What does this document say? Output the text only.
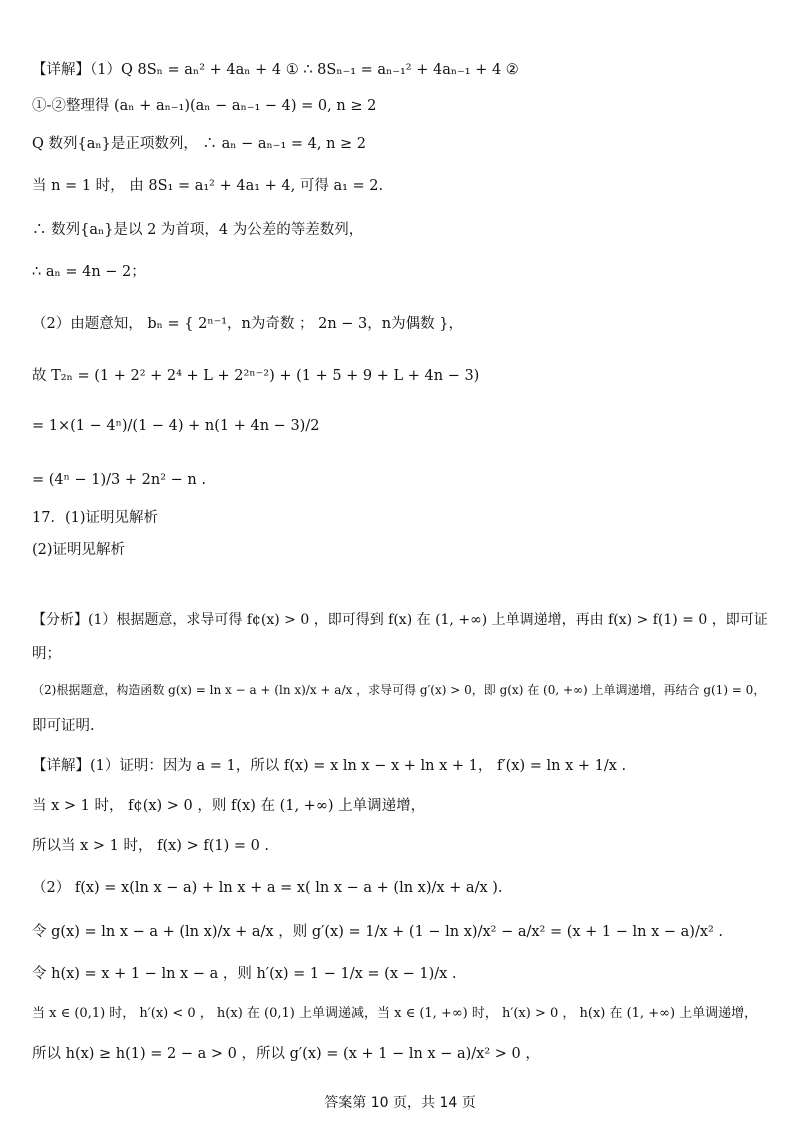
【详解】（1）Q 8Sₙ = aₙ² + 4aₙ + 4 ① ∴ 8Sₙ₋₁ = aₙ₋₁² + 4aₙ₋₁ + 4 ②
①-②整理得 (aₙ + aₙ₋₁)(aₙ − aₙ₋₁ − 4) = 0, n ≥ 2
Q 数列{aₙ}是正项数列， ∴ aₙ − aₙ₋₁ = 4, n ≥ 2
当 n = 1 时， 由 8S₁ = a₁² + 4a₁ + 4, 可得 a₁ = 2.
∴ 数列{aₙ}是以 2 为首项，4 为公差的等差数列，
∴ aₙ = 4n − 2；
（2）由题意知， bₙ = { 2ⁿ⁻¹，n为奇数 ； 2n − 3，n为偶数 }，
故 T₂ₙ = (1 + 2² + 2⁴ + L + 2²ⁿ⁻²) + (1 + 5 + 9 + L + 4n − 3)
= 1×(1 − 4ⁿ)/(1 − 4) + n(1 + 4n − 3)/2
= (4ⁿ − 1)/3 + 2n² − n .
17．(1)证明见解析
(2)证明见解析
【分析】(1）根据题意，求导可得 f¢(x) > 0 ，即可得到 f(x) 在 (1, +∞) 上单调递增，再由 f(x) > f(1) = 0 ，即可证
明；
（2)根据题意，构造函数 g(x) = ln x − a + (ln x)/x + a/x ，求导可得 g′(x) > 0，即 g(x) 在 (0, +∞) 上单调递增，再结合 g(1) = 0，
即可证明.
【详解】(1）证明：因为 a = 1，所以 f(x) = x ln x − x + ln x + 1， f′(x) = ln x + 1/x .
当 x > 1 时， f¢(x) > 0 ，则 f(x) 在 (1, +∞) 上单调递增，
所以当 x > 1 时， f(x) > f(1) = 0 .
（2） f(x) = x(ln x − a) + ln x + a = x( ln x − a + (ln x)/x + a/x ).
令 g(x) = ln x − a + (ln x)/x + a/x ，则 g′(x) = 1/x + (1 − ln x)/x² − a/x² = (x + 1 − ln x − a)/x² .
令 h(x) = x + 1 − ln x − a ，则 h′(x) = 1 − 1/x = (x − 1)/x .
当 x ∈ (0,1) 时， h′(x) < 0 ， h(x) 在 (0,1) 上单调递减，当 x ∈ (1, +∞) 时， h′(x) > 0 ， h(x) 在 (1, +∞) 上单调递增，
所以 h(x) ≥ h(1) = 2 − a > 0 ，所以 g′(x) = (x + 1 − ln x − a)/x² > 0 ，
答案第 10 页，共 14 页
